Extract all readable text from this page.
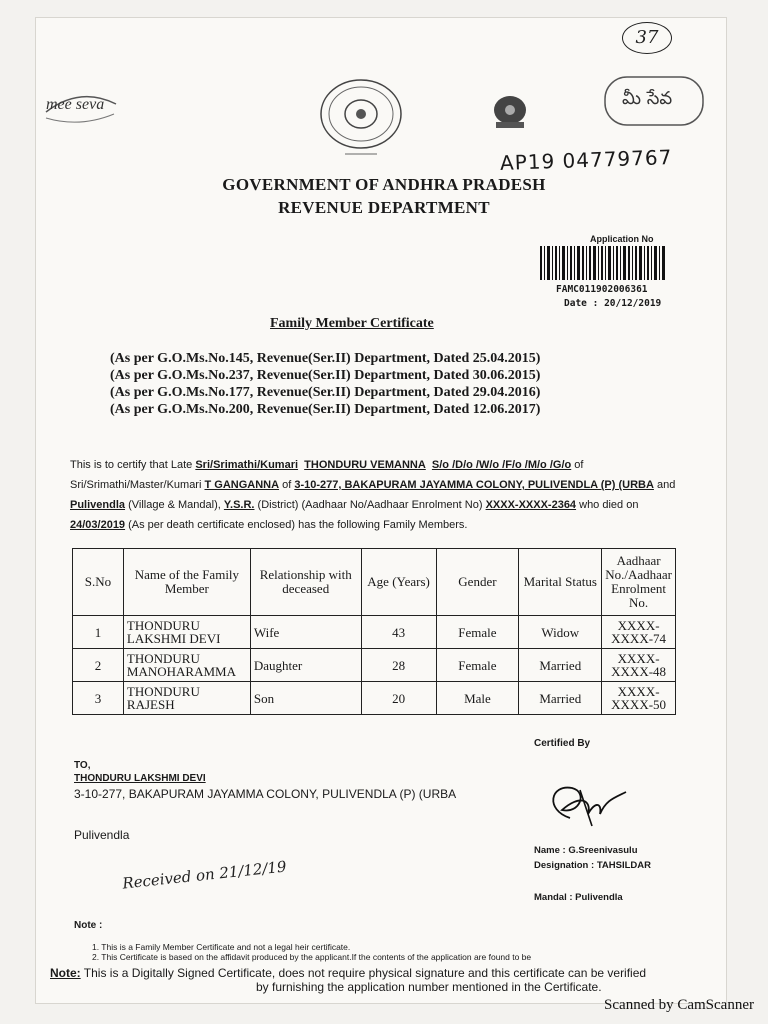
37
mee seva	మీ సేవ
AP19 04779767
GOVERNMENT OF ANDHRA PRADESH
REVENUE DEPARTMENT
Application No
FAMC011902006361
Date : 20/12/2019
Family Member Certificate
(As per G.O.Ms.No.145, Revenue(Ser.II) Department, Dated 25.04.2015)
(As per G.O.Ms.No.237, Revenue(Ser.II) Department, Dated 30.06.2015)
(As per G.O.Ms.No.177, Revenue(Ser.II) Department, Dated 29.04.2016)
(As per G.O.Ms.No.200, Revenue(Ser.II) Department, Dated 12.06.2017)
This is to certify that Late Sri/Srimathi/Kumari THONDURU VEMANNA S/o /D/o /W/o /F/o /M/o /G/o of Sri/Srimathi/Master/Kumari T GANGANNA of 3-10-277, BAKAPURAM JAYAMMA COLONY, PULIVENDLA (P) (URBA and Pulivendla (Village & Mandal), Y.S.R. (District) (Aadhaar No/Aadhaar Enrolment No) XXXX-XXXX-2364 who died on 24/03/2019 (As per death certificate enclosed) has the following Family Members.
S.No	Name of the Family Member	Relationship with deceased	Age (Years)	Gender	Marital Status	Aadhaar No./Aadhaar Enrolment No.
1	THONDURU LAKSHMI DEVI	Wife	43	Female	Widow	XXXX-XXXX-74
2	THONDURU MANOHARAMMA	Daughter	28	Female	Married	XXXX-XXXX-48
3	THONDURU RAJESH	Son	20	Male	Married	XXXX-XXXX-50
Certified By
TO,
THONDURU LAKSHMI DEVI
3-10-277, BAKAPURAM JAYAMMA COLONY, PULIVENDLA (P) (URBA
Pulivendla
Received on 21/12/19
Name : G.Sreenivasulu
Designation : TAHSILDAR
Mandal : Pulivendla
Note :
1. This is a Family Member Certificate and not a legal heir certificate.
2. This Certificate is based on the affidavit produced by the applicant.If the contents of the application are found to be
Note: This is a Digitally Signed Certificate, does not require physical signature and this certificate can be verified
by furnishing the application number mentioned in the Certificate.
Scanned by CamScanner
